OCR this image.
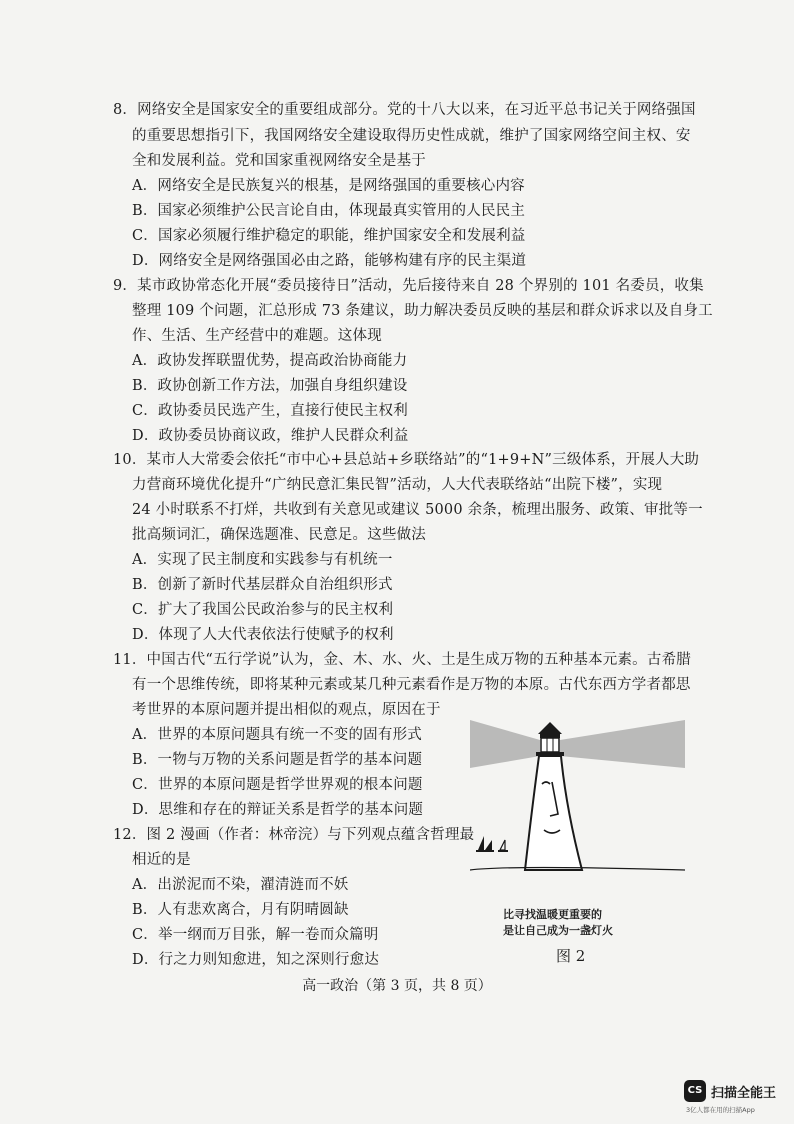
8．网络安全是国家安全的重要组成部分。党的十八大以来，在习近平总书记关于网络强国
的重要思想指引下，我国网络安全建设取得历史性成就，维护了国家网络空间主权、安
全和发展利益。党和国家重视网络安全是基于
A．网络安全是民族复兴的根基，是网络强国的重要核心内容
B．国家必须维护公民言论自由，体现最真实管用的人民民主
C．国家必须履行维护稳定的职能，维护国家安全和发展利益
D．网络安全是网络强国必由之路，能够构建有序的民主渠道
9．某市政协常态化开展“委员接待日”活动，先后接待来自 28 个界别的 101 名委员，收集
整理 109 个问题，汇总形成 73 条建议，助力解决委员反映的基层和群众诉求以及自身工
作、生活、生产经营中的难题。这体现
A．政协发挥联盟优势，提高政治协商能力
B．政协创新工作方法，加强自身组织建设
C．政协委员民选产生，直接行使民主权利
D．政协委员协商议政，维护人民群众利益
10．某市人大常委会依托“市中心+县总站+乡联络站”的“1+9+N”三级体系，开展人大助
力营商环境优化提升“广纳民意汇集民智”活动，人大代表联络站“出院下楼”，实现
24 小时联系不打烊，共收到有关意见或建议 5000 余条，梳理出服务、政策、审批等一
批高频词汇，确保选题准、民意足。这些做法
A．实现了民主制度和实践参与有机统一
B．创新了新时代基层群众自治组织形式
C．扩大了我国公民政治参与的民主权利
D．体现了人大代表依法行使赋予的权利
11．中国古代“五行学说”认为，金、木、水、火、土是生成万物的五种基本元素。古希腊
有一个思维传统，即将某种元素或某几种元素看作是万物的本原。古代东西方学者都思
考世界的本原问题并提出相似的观点，原因在于
A．世界的本原问题具有统一不变的固有形式
B．一物与万物的关系问题是哲学的基本问题
C．世界的本原问题是哲学世界观的根本问题
D．思维和存在的辩证关系是哲学的基本问题
12．图 2 漫画（作者：林帝浣）与下列观点蕴含哲理最
相近的是
A．出淤泥而不染，濯清涟而不妖
B．人有悲欢离合，月有阴晴圆缺
C．举一纲而万目张，解一卷而众篇明
D．行之力则知愈进，知之深则行愈达
比寻找温暖更重要的
是让自己成为一盏灯火
图 2
高一政治（第 3 页，共 8 页）
CS 扫描全能王
3亿人都在用的扫描App
